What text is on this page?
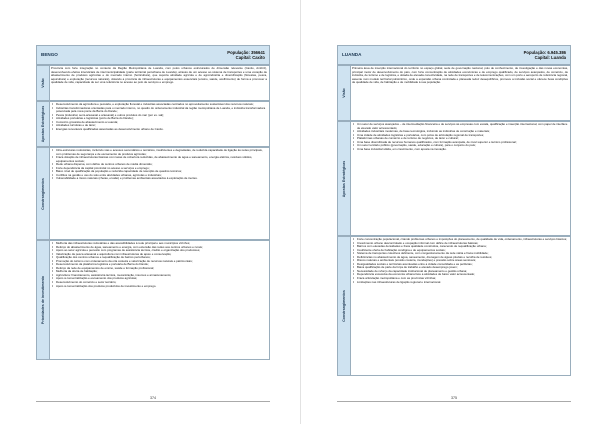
BENGO	População: 356641
Capital: Caxito
Visão

Província com forte integração no contexto da Região Metropolitana de Luanda, com polos urbanos estruturados de dimensão relevante (Caxito, Ambriz), desenvolvendo efeitos intersticiais de intermunicipalidade (parte territorial periurbana de Luanda), através de um acesso ao sistema de transportes e uma vocação de abastecimento de produtos agrícolas e do mercado interno (horticultura), que suporta atividade agrícola e de agroindústria e diversificação (florestas, pesca, aquicultura) e exploração (recursos naturais), dotando a província de infraestruturas e equipamentos essenciais (ensino, saúde, acolhimento) de forma a promover a qualidade de vida, capacidade de ser uma referência no acesso ao polo de serviços e emprego.

Apostas Estratégicas
• Desenvolvimento da agricultura e pecuária, e exploração florestal e industrias associadas centrados no aproveitamento sustentável dos recursos naturais;
• Indústrias transformadoras orientadas para o mercado interno, no quadro do ordenamento industrial da região metropolitana de Luanda, e indústria transformadora potenciada pela nova ponte da Barra do Dande;
• Pesca (industrial, semi-artesanal e artesanal) e outros produtos do mar (por ex. sal);
• Atividades portuárias e logísticas (porto de Barra do Dande);
• Comércio grossista de abastecimento a Luanda;
• Atividades turísticas e de lazer;
• Energias renováveis qualificadas associadas ao desenvolvimento urbano de Caxito.
Constrangimentos
• Infra-estruturas rodoviárias, incluindo vias e acessos secundários e terciários, insuficientes e degradadas, de reduzida capacidade de ligação às redes principais, com problemas de segurança e de escoamento de produtos agrícolas;
• Fraca dotação de infraestruturas básicas com taxas de cobertura reduzidas, de abastecimento de água e saneamento, energia elétrica, resíduos sólidos, equipamentos sociais;
• Rede urbana dispersa, com défice de centros urbanos de média dimensão;
• Forte dependência da capital provincial no acesso a serviços e emprego;
• Baixo nível de qualificação da população e reduzida capacidade de retenção de quadros técnicos;
• Conflitos na gestão e uso do solo entre atividades urbanas, agrícolas e industriais;
• Vulnerabilidade a riscos naturais (cheias, erosão) e problemas ambientais associados à exploração de inertes.
Prioridades de investimento
• Melhoria das infraestruturas rodoviárias e das acessibilidades à rede principal e aos municípios vizinhos;
• Reforço do abastecimento de água, saneamento e energia, com extensão das redes aos centros urbanos e rurais;
• Apoio ao setor agrícola e pecuário com programas de assistência técnica, crédito e organização dos produtores;
• Valorização da pesca artesanal e aquicultura com infraestruturas de apoio e conservação;
• Qualificação dos centros urbanos e requalificação de bairros periurbanos;
• Promoção do turismo com ordenamento da orla costeira e valorização de recursos naturais e patrimoniais;
• Desenvolvimento da plataforma logística e portuária de Barra do Dande;
• Reforço da rede de equipamentos de ensino, saúde e formação profissional;
• Melhoria da oferta de habitação;
• Agricultura: financiamento, assistência técnica, mecanização, insumos e armazenamento;
• Apoio à comercialização e escoamento dos produtos agrícolas;
• Desenvolvimento do comércio e setor terciário;
• Apoio à comercialização dos produtos produzidos de investimento e emprego.
374
LUANDA	População: 6.945.386
Capital: Luanda
Visão

Primeira área de inserção internacional do território no espaço global, sede de governação nacional, polo de conhecimento, de investigação e das novas economias, principal motor de desenvolvimento do país, com forte concentração de atividades económicas e de emprego qualificado, de serviços avançados, de comércio, de indústria, de turismo e de logística, e dotada de elevada conectividade, na rede de transportes e de telecomunicações, com um porto e aeroporto de referência regional, assente num modelo territorial policêntrico, onde a expansão urbana controlada e planeada reduz desequilíbrios, promove a inclusão social e oferece boas condições de qualidade de vida, de habitação e de mobilidade à sua população.

Apostas Estratégicas
• Um setor de serviços avançados – de intermediação financeira e de serviços às empresas com escala, qualificação e inserção internacional, com papel de interface de elevado valor acrescentado;
• Atividades industriais modernas, de base tecnológica, incluindo as indústrias de construção e materiais;
• Uma cidade de atividades logísticas e portuárias, com polos de articulação regional de transportes;
• Plataformas urbanas de comércio e de turismo de negócios, de lazer e cultural;
• Uma base diversificada de recursos humanos qualificados, com formação avançada, de nível superior e técnico profissional;
• Um setor terciário público (governação, saúde, educação e cultura), para o conjunto do país;
• Uma base industrial sólida, em crescimento, com aposta na inovação.
Constrangimentos
• Forte concentração populacional, criando problemas urbanos e imposições do planeamento, de qualidade de vida, ordenamento, infraestruturas e serviços básicos;
• Crescimento urbano descontrolado e ocupação informal com défice de infraestruturas básicas;
• Bairros com elevadas densidades e fraca qualidade construtiva, carecendo de requalificação urbana;
• Insuficiente oferta de habitação condigna e de equipamentos sociais;
• Sistema de transportes colectivos deficiente, com congestionamento da rede viária e fraca mobilidade;
• Deficiências no abastecimento de água, saneamento, drenagem de águas pluviais e recolha de resíduos;
• Riscos naturais e ambientais (erosão costeira, inundações) e pressão sobre áreas sensíveis;
• Desigualdades sociais e territoriais acentuadas entre a cidade consolidada e as periferias;
• Baixa qualificação de parte da força de trabalho e elevado desemprego jovem;
• Necessidade de reforço da capacidade institucional de planeamento e gestão urbana;
• Dependência excessiva da economia urbana face a atividades de baixo valor acrescentado;
• Fraca articulação metropolitana e com as províncias vizinhas;
• Limitações nas infraestruturas de ligação regional e internacional.
375
